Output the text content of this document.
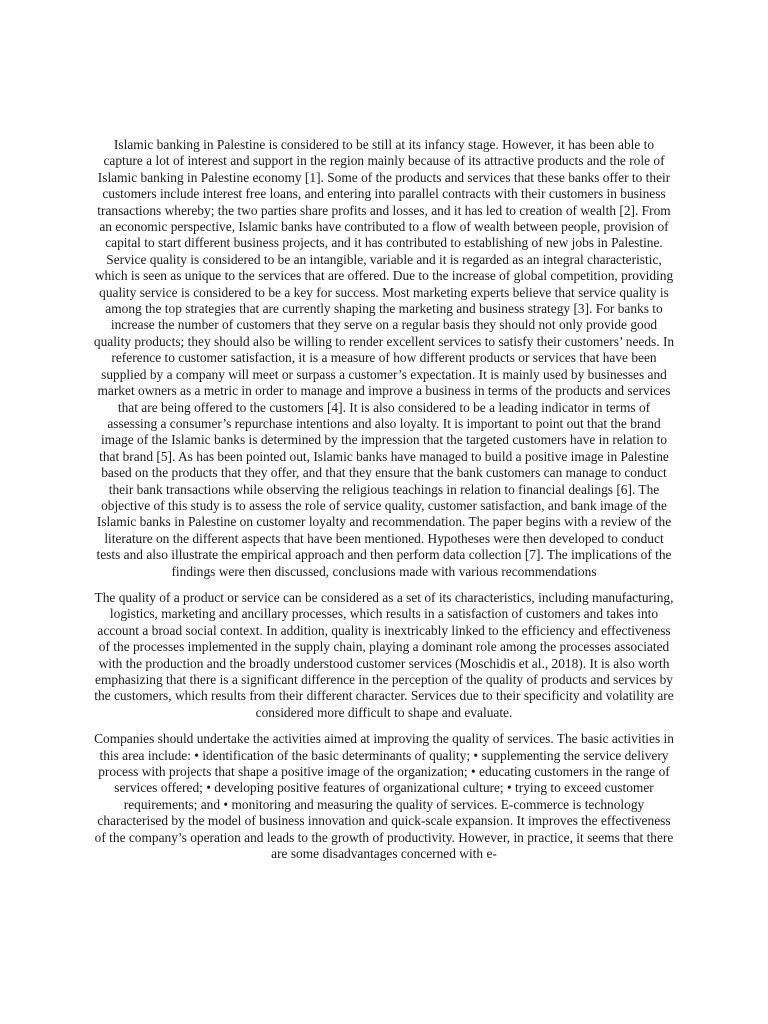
Islamic banking in Palestine is considered to be still at its infancy stage. However, it has been able to capture a lot of interest and support in the region mainly because of its attractive products and the role of Islamic banking in Palestine economy [1]. Some of the products and services that these banks offer to their customers include interest free loans, and entering into parallel contracts with their customers in business transactions whereby; the two parties share profits and losses, and it has led to creation of wealth [2]. From an economic perspective, Islamic banks have contributed to a flow of wealth between people, provision of capital to start different business projects, and it has contributed to establishing of new jobs in Palestine. Service quality is considered to be an intangible, variable and it is regarded as an integral characteristic, which is seen as unique to the services that are offered. Due to the increase of global competition, providing quality service is considered to be a key for success. Most marketing experts believe that service quality is among the top strategies that are currently shaping the marketing and business strategy [3]. For banks to increase the number of customers that they serve on a regular basis they should not only provide good quality products; they should also be willing to render excellent services to satisfy their customers’ needs. In reference to customer satisfaction, it is a measure of how different products or services that have been supplied by a company will meet or surpass a customer’s expectation. It is mainly used by businesses and market owners as a metric in order to manage and improve a business in terms of the products and services that are being offered to the customers [4]. It is also considered to be a leading indicator in terms of assessing a consumer’s repurchase intentions and also loyalty. It is important to point out that the brand image of the Islamic banks is determined by the impression that the targeted customers have in relation to that brand [5]. As has been pointed out, Islamic banks have managed to build a positive image in Palestine based on the products that they offer, and that they ensure that the bank customers can manage to conduct their bank transactions while observing the religious teachings in relation to financial dealings [6]. The objective of this study is to assess the role of service quality, customer satisfaction, and bank image of the Islamic banks in Palestine on customer loyalty and recommendation. The paper begins with a review of the literature on the different aspects that have been mentioned. Hypotheses were then developed to conduct tests and also illustrate the empirical approach and then perform data collection [7]. The implications of the findings were then discussed, conclusions made with various recommendations

The quality of a product or service can be considered as a set of its characteristics, including manufacturing, logistics, marketing and ancillary processes, which results in a satisfaction of customers and takes into account a broad social context. In addition, quality is inextricably linked to the efficiency and effectiveness of the processes implemented in the supply chain, playing a dominant role among the processes associated with the production and the broadly understood customer services (Moschidis et al., 2018). It is also worth emphasizing that there is a significant difference in the perception of the quality of products and services by the customers, which results from their different character. Services due to their specificity and volatility are considered more difficult to shape and evaluate.

Companies should undertake the activities aimed at improving the quality of services. The basic activities in this area include: • identification of the basic determinants of quality; • supplementing the service delivery process with projects that shape a positive image of the organization; • educating customers in the range of services offered; • developing positive features of organizational culture; • trying to exceed customer requirements; and • monitoring and measuring the quality of services. E-commerce is technology characterised by the model of business innovation and quick-scale expansion. It improves the effectiveness of the company’s operation and leads to the growth of productivity. However, in practice, it seems that there are some disadvantages concerned with e-
